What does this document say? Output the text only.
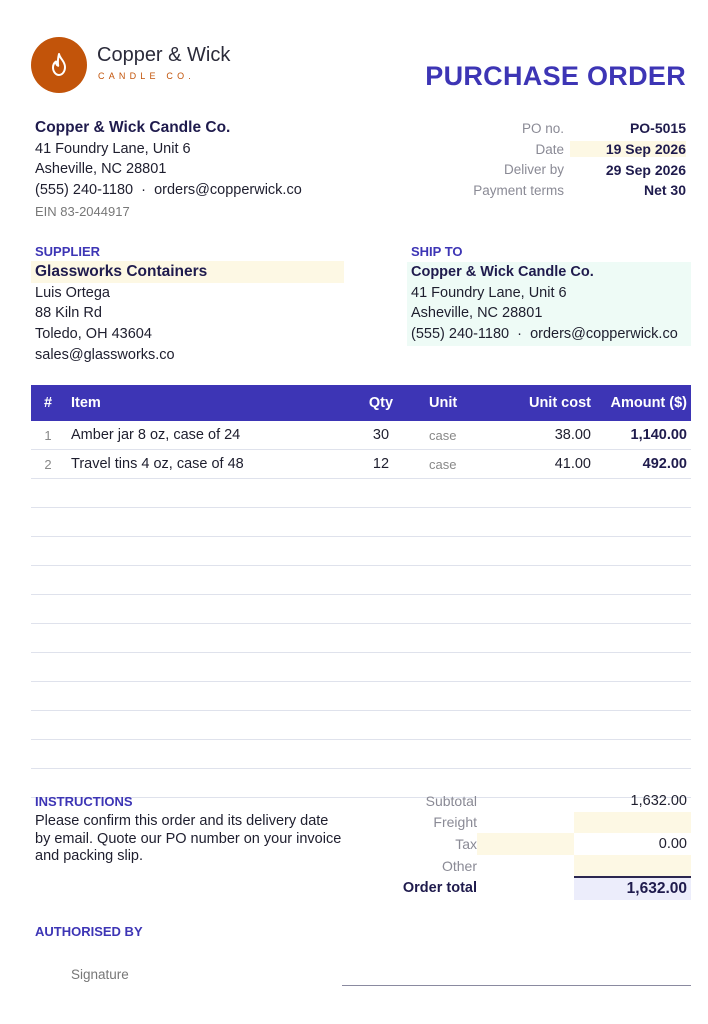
Copper & Wick
CANDLE CO.	PURCHASE ORDER
Copper & Wick Candle Co.
41 Foundry Lane, Unit 6
Asheville, NC 28801
(555) 240-1180 · orders@copperwick.co
EIN 83-2044917
PO no.	PO-5015
Date	19 Sep 2026
Deliver by	29 Sep 2026
Payment terms	Net 30
SUPPLIER
Glassworks Containers
Luis Ortega
88 Kiln Rd
Toledo, OH 43604
sales@glassworks.co
SHIP TO
Copper & Wick Candle Co.
41 Foundry Lane, Unit 6
Asheville, NC 28801
(555) 240-1180 · orders@copperwick.co
#	Item	Qty	Unit	Unit cost	Amount ($)
1	Amber jar 8 oz, case of 24	30	case	38.00	1,140.00
2	Travel tins 4 oz, case of 48	12	case	41.00	492.00
INSTRUCTIONS
Please confirm this order and its delivery date by email. Quote our PO number on your invoice and packing slip.
Subtotal	1,632.00
Freight
Tax	0.00
Other
Order total	1,632.00
AUTHORISED BY
Signature
